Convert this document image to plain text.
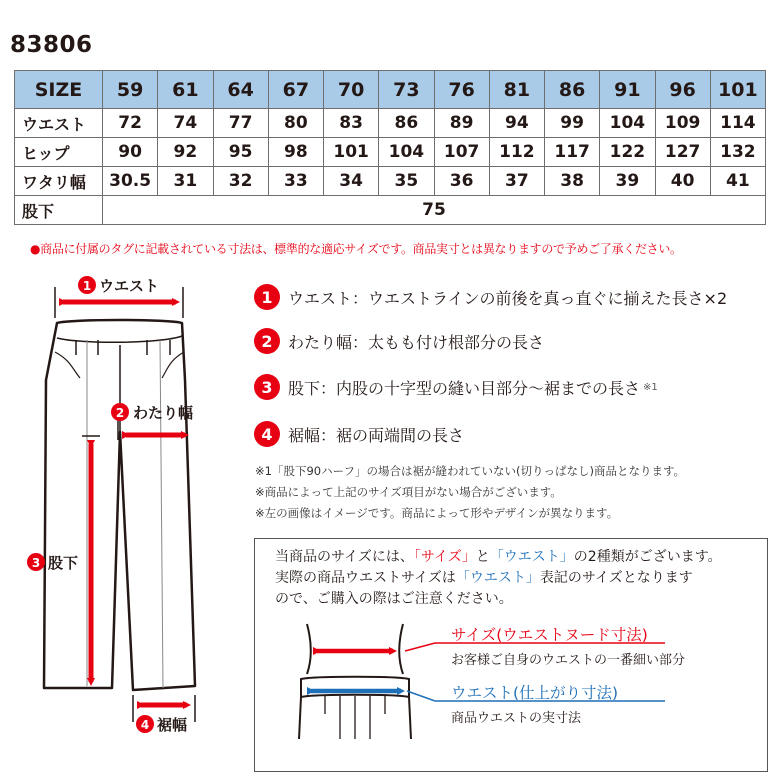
83806
SIZE	59	61	64	67	70	73	76	81	86	91	96	101
ウエスト	72	74	77	80	83	86	89	94	99	104	109	114
ヒップ	90	92	95	98	101	104	107	112	117	122	127	132
ワタリ幅	30.5	31	32	33	34	35	36	37	38	39	40	41
股下	75											
●商品に付属のタグに記載されている寸法は、標準的な適応サイズです。商品実寸とは異なりますので予めご了承ください。
1 ウエスト
2 わたり幅
3 股下
4 裾幅
1 ウエスト ：ウエストラインの前後を真っ直ぐに揃えた長さ×2
2 わたり幅 ：太もも付け根部分の長さ
3 股下 ：内股の十字型の縫い目部分～裾までの長さ ※1
4 裾幅 ：裾の両端間の長さ
※1「股下90ハーフ」の場合は裾が縫われていない(切りっぱなし)商品となります。
※商品によって上記のサイズ項目がない場合がございます。
※左の画像はイメージです。商品によって形やデザインが異なります。
当商品のサイズには、「サイズ」と「ウエスト」の2種類がございます。
実際の商品ウエストサイズは「ウエスト」表記のサイズとなります
ので、ご購入の際はご注意ください。
サイズ(ウエストヌード寸法)
お客様ご自身のウエストの一番細い部分
ウエスト(仕上がり寸法)
商品ウエストの実寸法
